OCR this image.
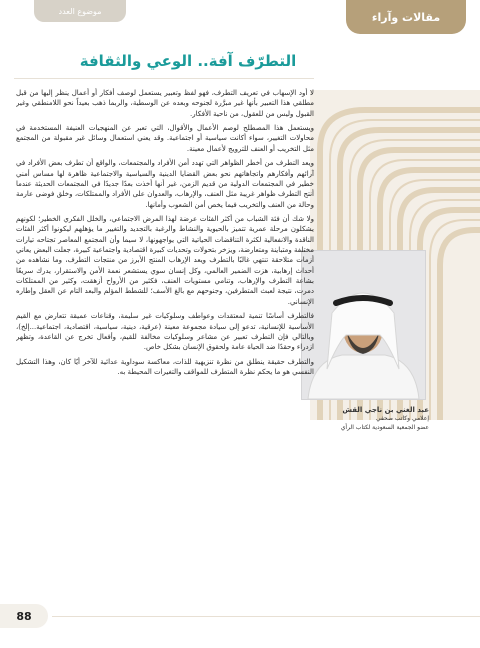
مقالات وآراء
موضوع العدد
التطرّف آفة.. الوعي والثقافة
عبد الغني بن ناجي القش
إعلامي وكاتب صحفي
عضو الجمعية السعودية لكتاب الرأي

لا أود الإسهاب في تعريف التطرف، فهو لفظ وتعبير يستعمل لوصف أفكار أو أعمال ينظر إليها من قبل مطلقي هذا التعبير بأنها غير مبرَّرة لجنوحه وبعده عن الوسطية، والربما ذهب بعيداً نحو اللامنطقي وغير القبول وليس من للعقول، من ناحية الأفكار.

ويستعمل هذا المصطلح لوصم الأعمال والأقوال، التي تعبر عن المنهجيات العنيفة المستخدمة في محاولات التغيير، سواء أكانت سياسية أو اجتماعية. وقد يعني استعمال وسائل غير مقبولة من المجتمع مثل التخريب أو العنف للترويج لأعمال معينة.

ويعد التطرف من أخطر الظواهر التي تهدد أمن الأفراد والمجتمعات، والواقع أن تطرف بعض الأفراد في آرائهم وأفكارهم واتجاهاتهم نحو بعض القضايا الدينية والسياسية والاجتماعية ظاهرة لها مساس أمني خطير في المجتمعات الدولية من قديم الزمن، غير أنها أخذت بعدًا جديدًا في المجتمعات الحديثة عندما أنتج التطرف ظواهر غريبة مثل العنف، والإرهاب، والعدوان على الأفراد والممتلكات، وخلق فوضى عارمة وحالة من العنف والتخريب فيما يخص أمن الشعوب وأمانها.

ولا شك أن فئة الشباب من أكثر الفئات عرضة لهذا المرض الاجتماعي، والخلل الفكري الخطير؛ لكونهم يشكلون مرحلة عمرية تتميز بالحيوية والنشاط والرغبة بالتجديد والتغيير ما يؤهلهم ليكونوا أكثر الفئات الناقدة والانفعالية لكثرة التناقضات الحياتية التي يواجهونها، لا سيما وأن المجتمع المعاصر تجتاحه تيارات مختلفة ومتباينة ومتعارضة، ويزخر بتحولات وتحديات كبيرة اقتصادية واجتماعية كبيرة، جعلت البعض يعاني أزمات متلاحقة تنتهي غالبًا بالتطرف ويعد الإرهاب المنتج الأبرز من منتجات التطرف، وما نشاهده من أحداث إرهابية، هزت الضمير العالمي، وكل إنسان سوي يستشعر نعمة الأمن والاستقرار، يدرك سريعًا بشاعة التطرف والإرهاب، وتنامي مستويات العنف، فكثير من الأرواح أزهقت، وكثير من الممتلكات دمرت، نتيجة لعبث المتطرفين، وجنوحهم مع بالغ الأسف؛ للشطط المؤلم والبعد التام عن العقل وإطاره الإنساني.

فالتطرف أساسًا تنمية لمعتقدات وعواطف وسلوكيات غير سليمة، وقناعات عميقة تتعارض مع القيم الأساسية للإنسانية، تدعو إلى سيادة مجموعة معينة (عرقية، دينية، سياسية، اقتصادية، اجتماعية...إلخ)، وبالتالي فإن التطرف تعبير عن مشاعر وسلوكيات مخالفة للقيم، وأفعال تخرج عن القاعدة، وتظهر ازدراء وحقدًا ضد الحياة عامة ولحقوق الإنسان بشكل خاص.

والتطرف حقيقة ينطلق من نظرة تنزيهية للذات، معاكسة سوداوية عدائية للآخر أيًا كان، وهذا التشكيل النفسي هو ما يحكم نظرة المتطرف للمواقف والتغيرات المحيطة به.

88
